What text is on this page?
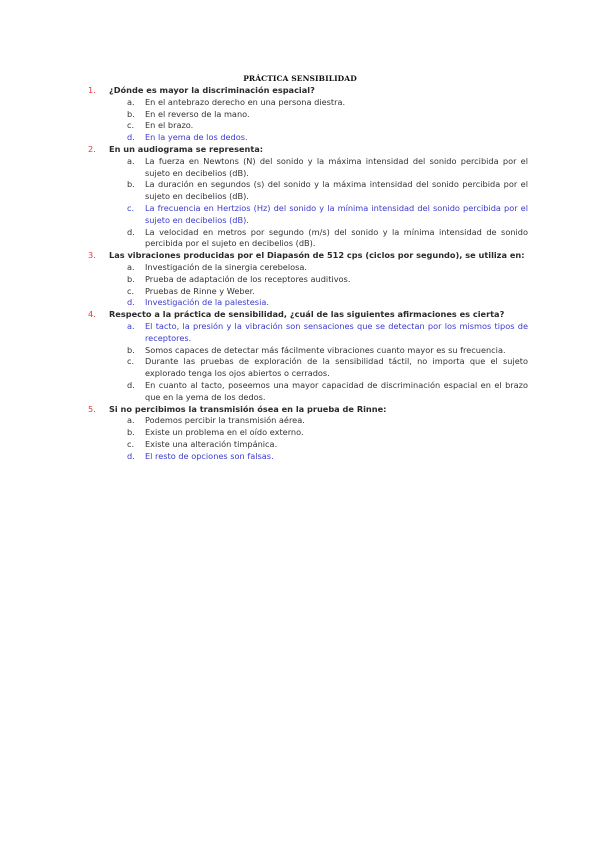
PRÁCTICA SENSIBILIDAD
1.	¿Dónde es mayor la discriminación espacial?
a. En el antebrazo derecho en una persona diestra.
b. En el reverso de la mano.
c. En el brazo.
d. En la yema de los dedos.
2.	En un audiograma se representa:
a. La fuerza en Newtons (N) del sonido y la máxima intensidad del sonido percibida por el sujeto en decibelios (dB).
b. La duración en segundos (s) del sonido y la máxima intensidad del sonido percibida por el sujeto en decibelios (dB).
c. La frecuencia en Hertzios (Hz) del sonido y la mínima intensidad del sonido percibida por el sujeto en decibelios (dB).
d. La velocidad en metros por segundo (m/s) del sonido y la mínima intensidad de sonido percibida por el sujeto en decibelios (dB).
3.	Las vibraciones producidas por el Diapasón de 512 cps (ciclos por segundo), se utiliza en:
a. Investigación de la sinergia cerebelosa.
b. Prueba de adaptación de los receptores auditivos.
c. Pruebas de Rinne y Weber.
d. Investigación de la palestesia.
4.	Respecto a la práctica de sensibilidad, ¿cuál de las siguientes afirmaciones es cierta?
a. El tacto, la presión y la vibración son sensaciones que se detectan por los mismos tipos de receptores.
b. Somos capaces de detectar más fácilmente vibraciones cuanto mayor es su frecuencia.
c. Durante las pruebas de exploración de la sensibilidad táctil, no importa que el sujeto explorado tenga los ojos abiertos o cerrados.
d. En cuanto al tacto, poseemos una mayor capacidad de discriminación espacial en el brazo que en la yema de los dedos.
5.	Si no percibimos la transmisión ósea en la prueba de Rinne:
a. Podemos percibir la transmisión aérea.
b. Existe un problema en el oído externo.
c. Existe una alteración timpánica.
d. El resto de opciones son falsas.
